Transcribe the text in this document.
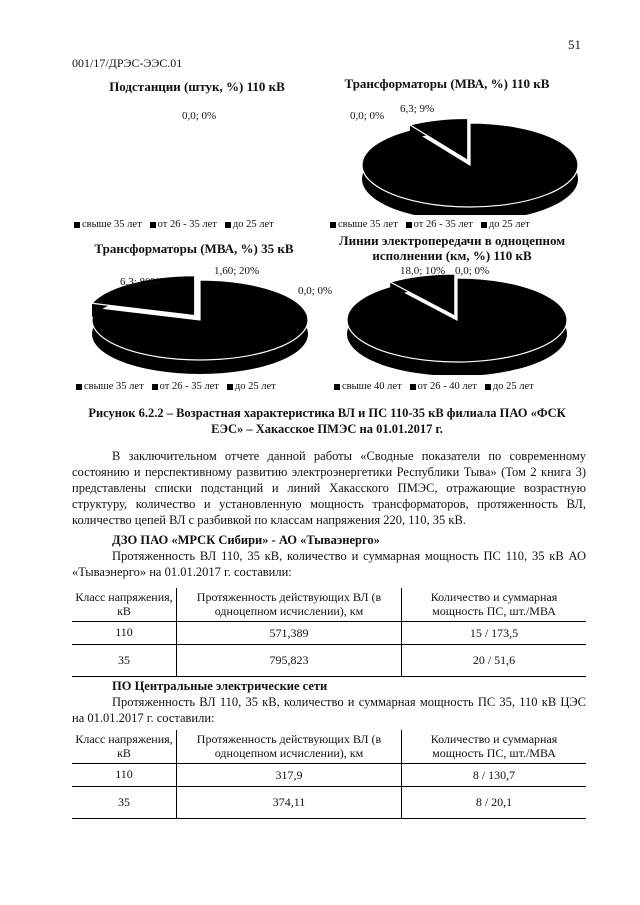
51
001/17/ДРЭС-ЭЭС.01
Подстанции (штук, %) 110 кВ
0,0; 0%
свыше 35 лет от 26 - 35 лет до 25 лет
Трансформаторы (МВА, %) 110 кВ
0,0; 0%
6,3; 9%
свыше 35 лет от 26 - 35 лет до 25 лет
Трансформаторы (МВА, %) 35 кВ
6,3; 80%
1,60; 20%
0,0; 0%
свыше 35 лет от 26 - 35 лет до 25 лет
Линии электропередачи в одноцепном исполнении (км, %) 110 кВ
18,0; 10% 0,0; 0%
свыше 40 лет от 26 - 40 лет до 25 лет
Рисунок 6.2.2 – Возрастная характеристика ВЛ и ПС 110-35 кВ филиала ПАО «ФСК ЕЭС» – Хакасское ПМЭС на 01.01.2017 г.

В заключительном отчете данной работы «Сводные показатели по современному состоянию и перспективному развитию электроэнергетики Республики Тыва» (Том 2 книга 3) представлены списки подстанций и линий Хакасского ПМЭС, отражающие возрастную структуру, количество и установленную мощность трансформаторов, протяженность ВЛ, количество цепей ВЛ с разбивкой по классам напряжения 220, 110, 35 кВ.

ДЗО ПАО «МРСК Сибири» - АО «Тываэнерго»

Протяженность ВЛ 110, 35 кВ, количество и суммарная мощность ПС 110, 35 кВ АО «Тываэнерго» на 01.01.2017 г. составили:

Класс напряжения, кВ	Протяженность действующих ВЛ (в одноцепном исчислении), км	Количество и суммарная мощность ПС, шт./МВА
110	571,389	15 / 173,5
35	795,823	20 / 51,6

ПО Центральные электрические сети

Протяженность ВЛ 110, 35 кВ, количество и суммарная мощность ПС 35, 110 кВ ЦЭС на 01.01.2017 г. составили:

Класс напряжения, кВ	Протяженность действующих ВЛ (в одноцепном исчислении), км	Количество и суммарная мощность ПС, шт./МВА
110	317,9	8 / 130,7
35	374,11	8 / 20,1
